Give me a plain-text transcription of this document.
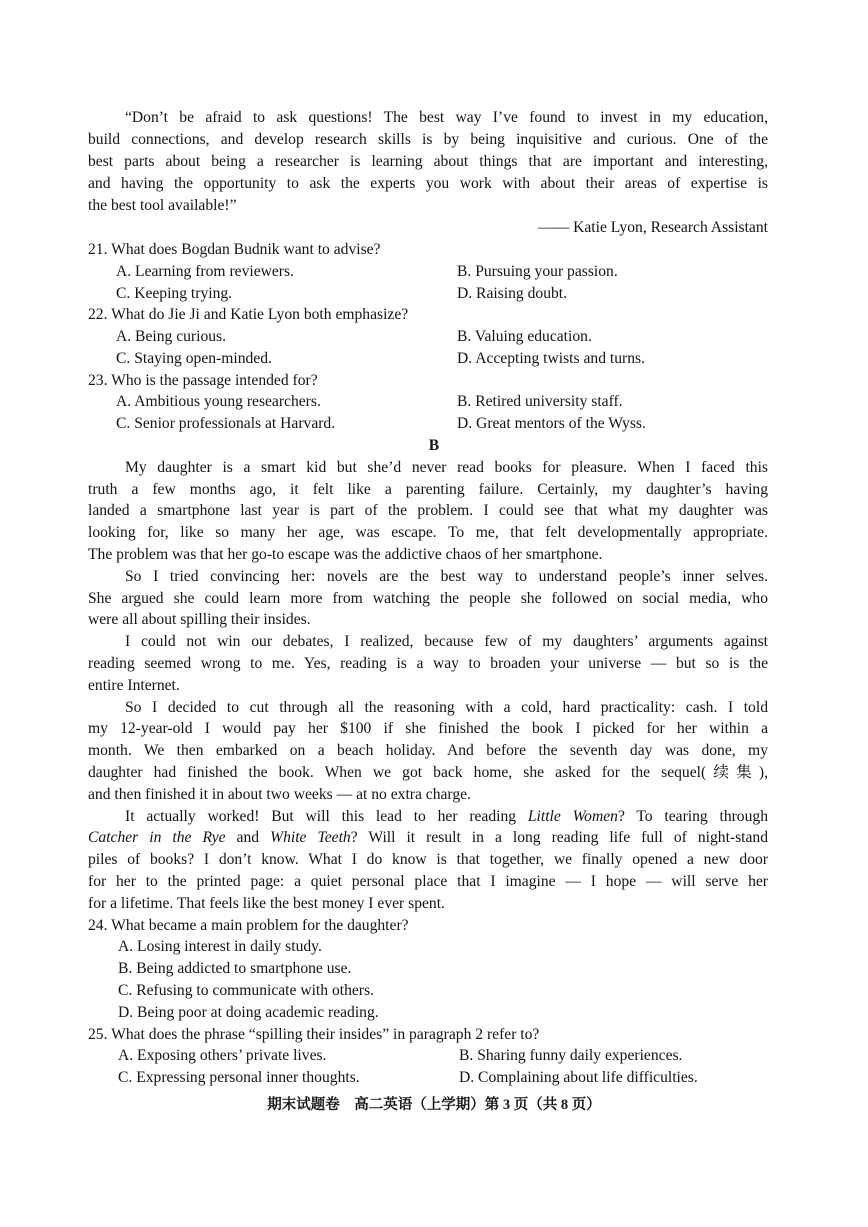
“Don’t be afraid to ask questions! The best way I’ve found to invest in my education,
build connections, and develop research skills is by being inquisitive and curious. One of the
best parts about being a researcher is learning about things that are important and interesting,
and having the opportunity to ask the experts you work with about their areas of expertise is
the best tool available!”
—— Katie Lyon, Research Assistant
21. What does Bogdan Budnik want to advise?
A. Learning from reviewers.	B. Pursuing your passion.
C. Keeping trying.	D. Raising doubt.
22. What do Jie Ji and Katie Lyon both emphasize?
A. Being curious.	B. Valuing education.
C. Staying open-minded.	D. Accepting twists and turns.
23. Who is the passage intended for?
A. Ambitious young researchers.	B. Retired university staff.
C. Senior professionals at Harvard.	D. Great mentors of the Wyss.
B
My daughter is a smart kid but she’d never read books for pleasure. When I faced this
truth a few months ago, it felt like a parenting failure. Certainly, my daughter’s having
landed a smartphone last year is part of the problem. I could see that what my daughter was
looking for, like so many her age, was escape. To me, that felt developmentally appropriate.
The problem was that her go-to escape was the addictive chaos of her smartphone.
So I tried convincing her: novels are the best way to understand people’s inner selves.
She argued she could learn more from watching the people she followed on social media, who
were all about spilling their insides.
I could not win our debates, I realized, because few of my daughters’ arguments against
reading seemed wrong to me. Yes, reading is a way to broaden your universe — but so is the
entire Internet.
So I decided to cut through all the reasoning with a cold, hard practicality: cash. I told
my 12-year-old I would pay her $100 if she finished the book I picked for her within a
month. We then embarked on a beach holiday. And before the seventh day was done, my
daughter had finished the book. When we got back home, she asked for the sequel(续集),
and then finished it in about two weeks — at no extra charge.
It actually worked! But will this lead to her reading Little Women? To tearing through
Catcher in the Rye and White Teeth? Will it result in a long reading life full of night-stand
piles of books? I don’t know. What I do know is that together, we finally opened a new door
for her to the printed page: a quiet personal place that I imagine — I hope — will serve her
for a lifetime. That feels like the best money I ever spent.
24. What became a main problem for the daughter?
A. Losing interest in daily study.
B. Being addicted to smartphone use.
C. Refusing to communicate with others.
D. Being poor at doing academic reading.
25. What does the phrase “spilling their insides” in paragraph 2 refer to?
A. Exposing others’ private lives.	B. Sharing funny daily experiences.
C. Expressing personal inner thoughts.	D. Complaining about life difficulties.
期末试题卷　高二英语（上学期）第 3 页（共 8 页）
